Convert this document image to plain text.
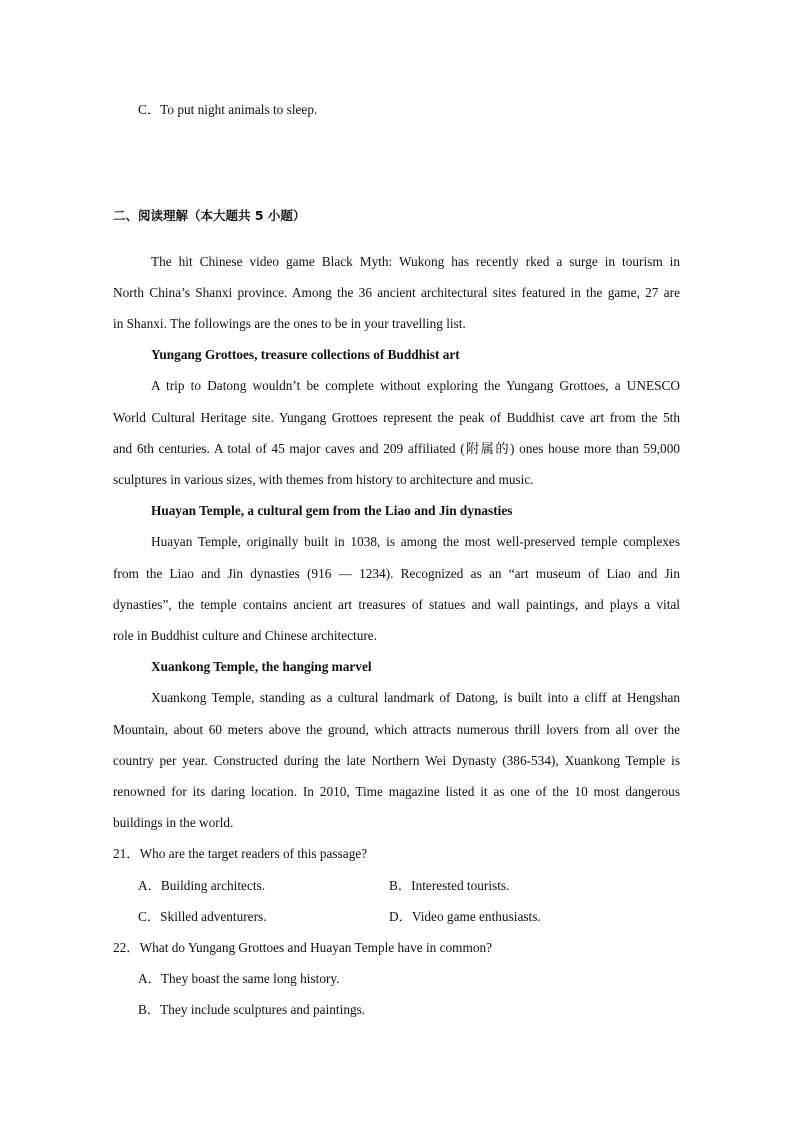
C．To put night animals to sleep.
二、阅读理解（本大题共 5 小题）
The hit Chinese video game Black Myth: Wukong has recently rked a surge in tourism in
North China’s Shanxi province. Among the 36 ancient architectural sites featured in the game, 27 are
in Shanxi. The followings are the ones to be in your travelling list.
Yungang Grottoes, treasure collections of Buddhist art
A trip to Datong wouldn’t be complete without exploring the Yungang Grottoes, a UNESCO
World Cultural Heritage site. Yungang Grottoes represent the peak of Buddhist cave art from the 5th
and 6th centuries. A total of 45 major caves and 209 affiliated (附属的) ones house more than 59,000
sculptures in various sizes, with themes from history to architecture and music.
Huayan Temple, a cultural gem from the Liao and Jin dynasties
Huayan Temple, originally built in 1038, is among the most well-preserved temple complexes
from the Liao and Jin dynasties (916 — 1234). Recognized as an “art museum of Liao and Jin
dynasties”, the temple contains ancient art treasures of statues and wall paintings, and plays a vital
role in Buddhist culture and Chinese architecture.
Xuankong Temple, the hanging marvel
Xuankong Temple, standing as a cultural landmark of Datong, is built into a cliff at Hengshan
Mountain, about 60 meters above the ground, which attracts numerous thrill lovers from all over the
country per year. Constructed during the late Northern Wei Dynasty (386-534), Xuankong Temple is
renowned for its daring location. In 2010, Time magazine listed it as one of the 10 most dangerous
buildings in the world.
21．Who are the target readers of this passage?
A．Building architects.	B．Interested tourists.
C．Skilled adventurers.	D．Video game enthusiasts.
22．What do Yungang Grottoes and Huayan Temple have in common?
A．They boast the same long history.
B．They include sculptures and paintings.
